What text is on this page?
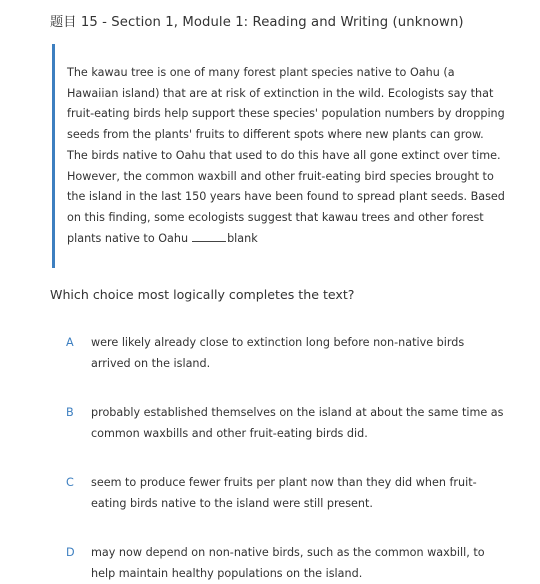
题目 15 - Section 1, Module 1: Reading and Writing (unknown)
The kawau tree is one of many forest plant species native to Oahu (a Hawaiian island) that are at risk of extinction in the wild. Ecologists say that fruit-eating birds help support these species' population numbers by dropping seeds from the plants' fruits to different spots where new plants can grow. The birds native to Oahu that used to do this have all gone extinct over time. However, the common waxbill and other fruit-eating bird species brought to the island in the last 150 years have been found to spread plant seeds. Based on this finding, some ecologists suggest that kawau trees and other forest plants native to Oahu	blank
Which choice most logically completes the text?
A	were likely already close to extinction long before non-native birds arrived on the island.
B	probably established themselves on the island at about the same time as common waxbills and other fruit-eating birds did.
C	seem to produce fewer fruits per plant now than they did when fruit-eating birds native to the island were still present.
D	may now depend on non-native birds, such as the common waxbill, to help maintain healthy populations on the island.
